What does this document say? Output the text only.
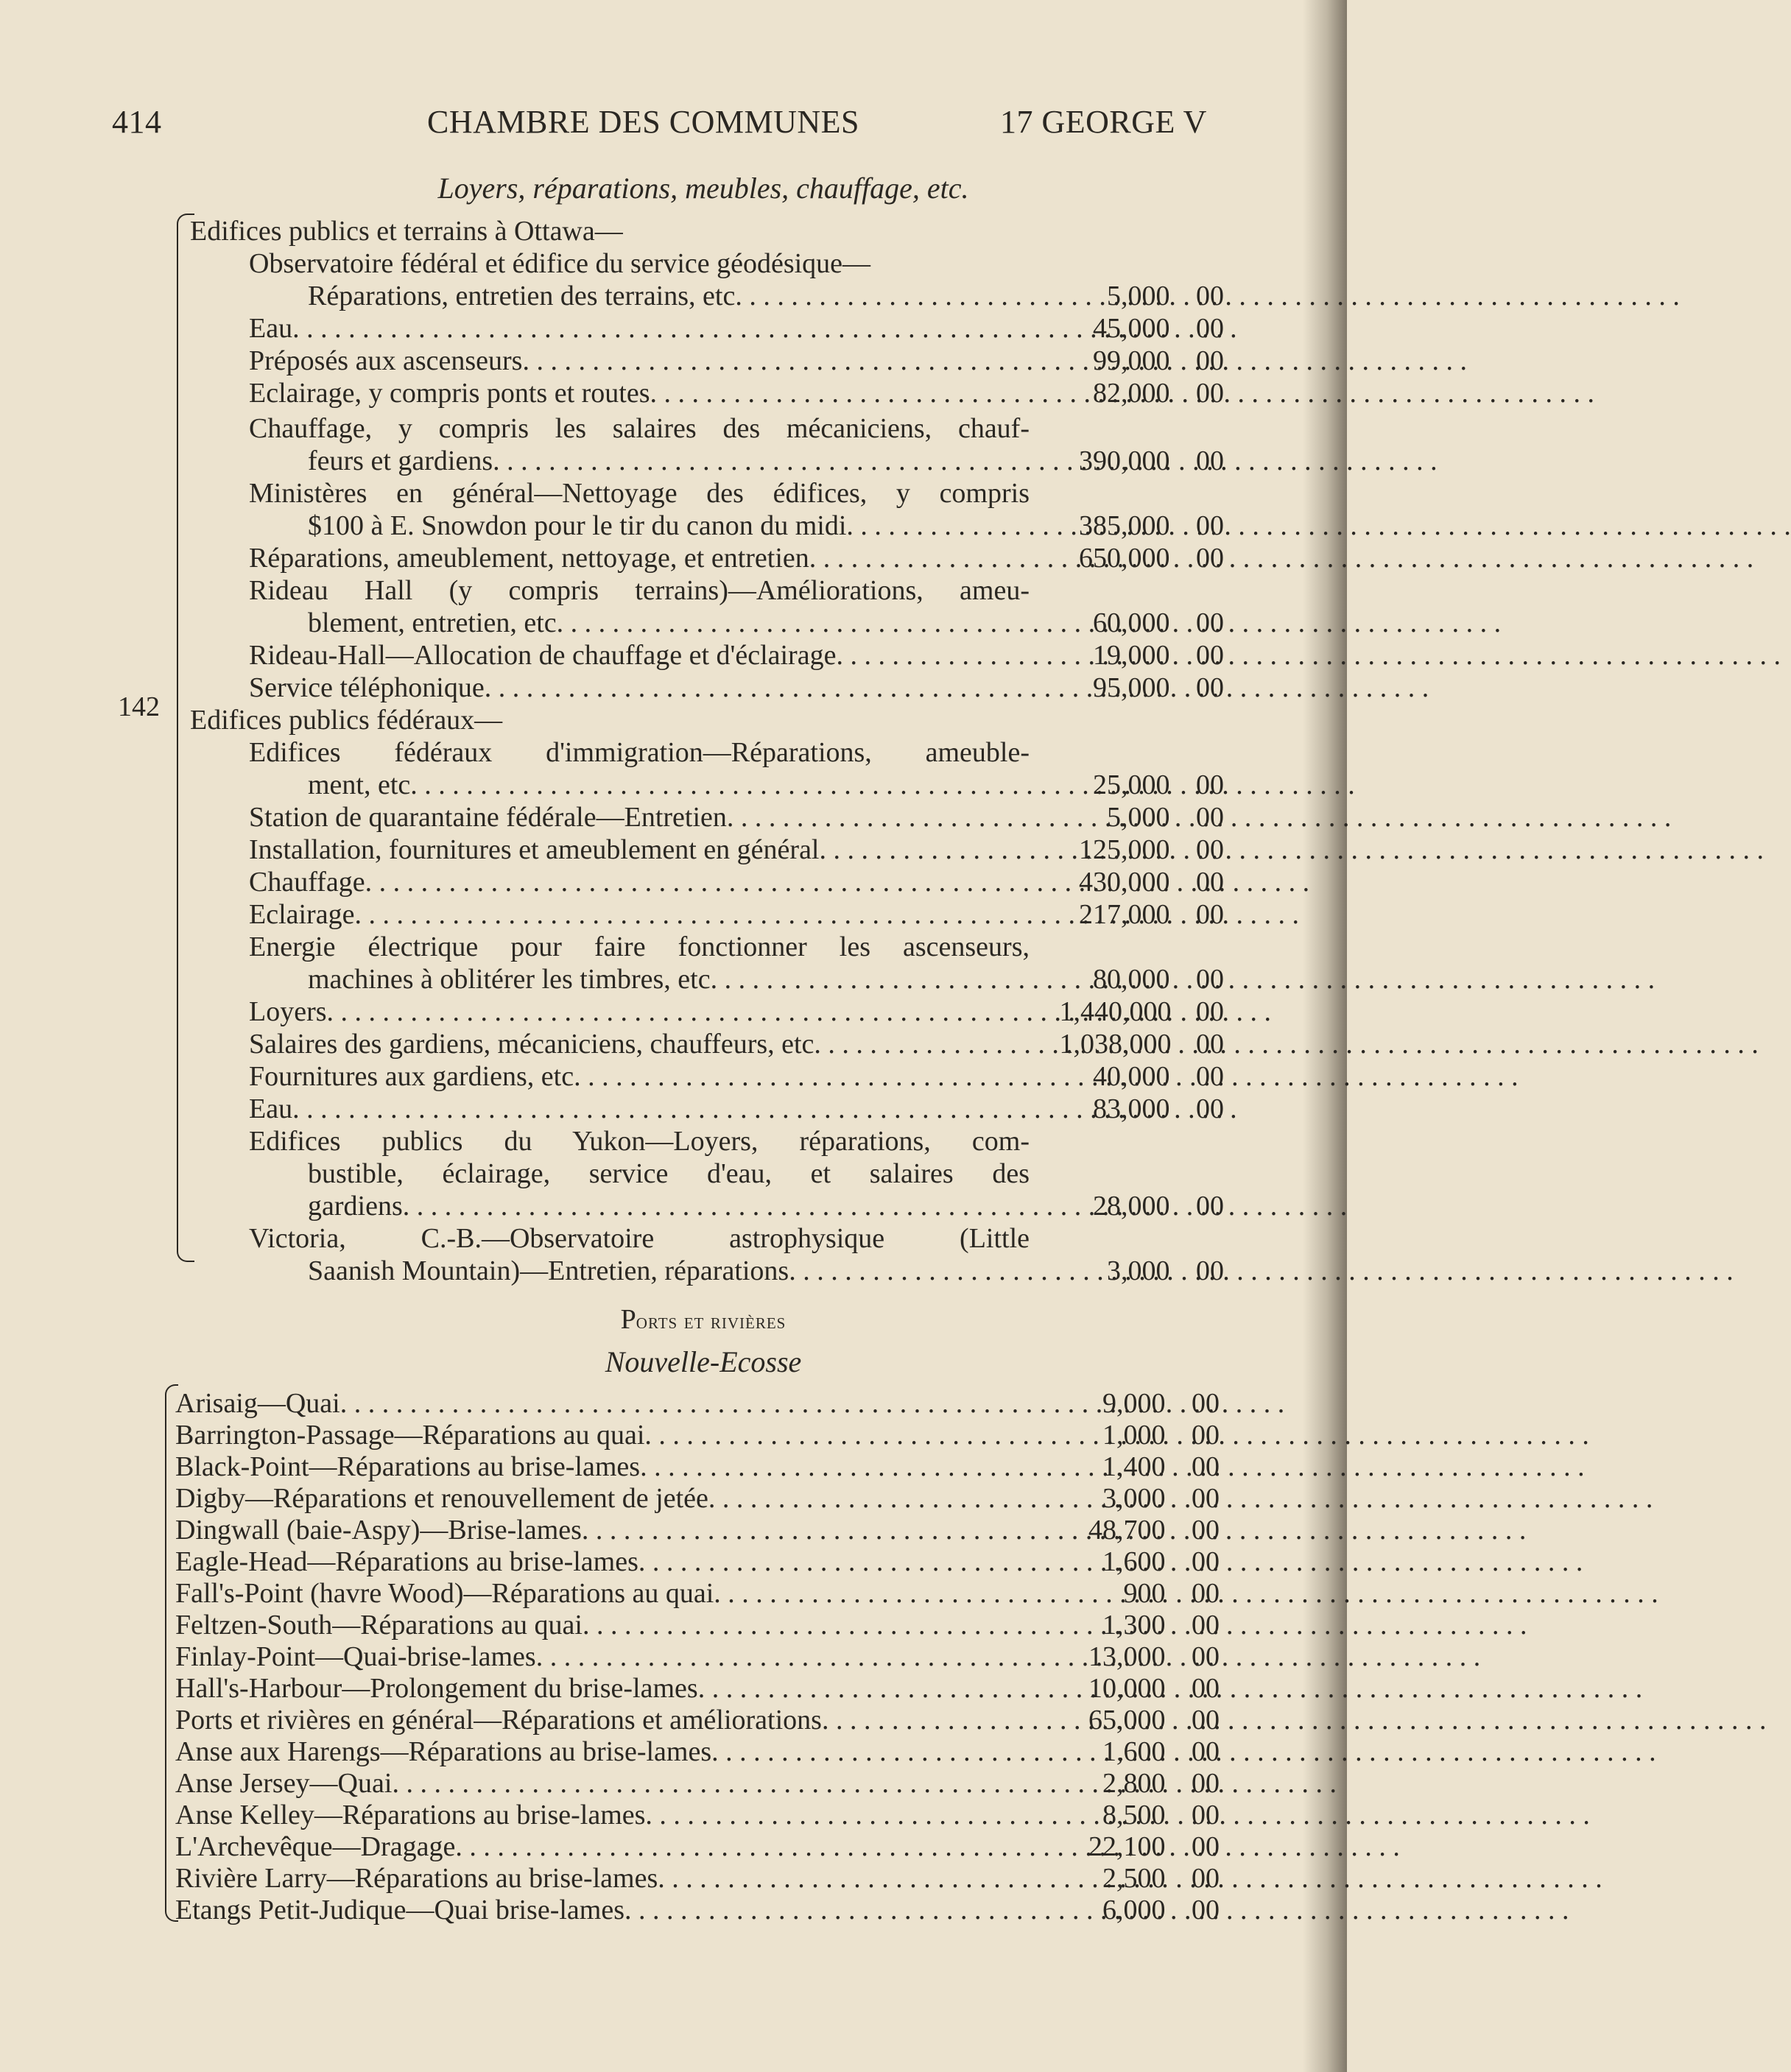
414	CHAMBRE DES COMMUNES	17 GEORGE V
Loyers, réparations, meubles, chauffage, etc.
142
Edifices publics et terrains à Ottawa—
Observatoire fédéral et édifice du service géodésique—
Réparations, entretien des terrains, etc . . .	5,000 00
Eau . . .	45,000 00
Préposés aux ascenseurs . . .	99,000 00
Eclairage, y compris ponts et routes . . .	82,000 00
Chauffage, y compris les salaires des mécaniciens, chauf-
feurs et gardiens . . .	390,000 00
Ministères en général—Nettoyage des édifices, y compris
$100 à E. Snowdon pour le tir du canon du midi . . .	385,000 00
Réparations, ameublement, nettoyage, et entretien . . .	650,000 00
Rideau Hall (y compris terrains)—Améliorations, ameu-
blement, entretien, etc . . .	60,000 00
Rideau-Hall—Allocation de chauffage et d'éclairage . . .	19,000 00
Service téléphonique . . .	95,000 00
Edifices publics fédéraux—
Edifices fédéraux d'immigration—Réparations, ameuble-
ment, etc . . .	25,000 00
Station de quarantaine fédérale—Entretien . . .	5,000 00
Installation, fournitures et ameublement en général . . .	125,000 00
Chauffage . . .	430,000 00
Eclairage . . .	217,000 00
Energie électrique pour faire fonctionner les ascenseurs,
machines à oblitérer les timbres, etc . . .	80,000 00
Loyers . . .	1,440,000 00
Salaires des gardiens, mécaniciens, chauffeurs, etc . . .	1,038,000 00
Fournitures aux gardiens, etc . . .	40,000 00
Eau . . .	83,000 00
Edifices publics du Yukon—Loyers, réparations, com-
bustible, éclairage, service d'eau, et salaires des
gardiens . . .	28,000 00
Victoria, C.-B.—Observatoire astrophysique (Little
Saanish Mountain)—Entretien, réparations . . .	3,000 00
Ports et rivières
Nouvelle-Ecosse
Arisaig—Quai . . .	9,000 00
Barrington-Passage—Réparations au quai . . .	1,000 00
Black-Point—Réparations au brise-lames . . .	1,400 00
Digby—Réparations et renouvellement de jetée . . .	3,000 00
Dingwall (baie-Aspy)—Brise-lames . . .	48,700 00
Eagle-Head—Réparations au brise-lames . . .	1,600 00
Fall's-Point (havre Wood)—Réparations au quai . . .	900 00
Feltzen-South—Réparations au quai . . .	1,300 00
Finlay-Point—Quai-brise-lames . . .	13,000 00
Hall's-Harbour—Prolongement du brise-lames . . .	10,000 00
Ports et rivières en général—Réparations et améliorations . . .	65,000 00
Anse aux Harengs—Réparations au brise-lames . . .	1,600 00
Anse Jersey—Quai . . .	2,800 00
Anse Kelley—Réparations au brise-lames . . .	8,500 00
L'Archevêque—Dragage . . .	22,100 00
Rivière Larry—Réparations au brise-lames . . .	2,500 00
Etangs Petit-Judique—Quai brise-lames . . .	6,000 00
